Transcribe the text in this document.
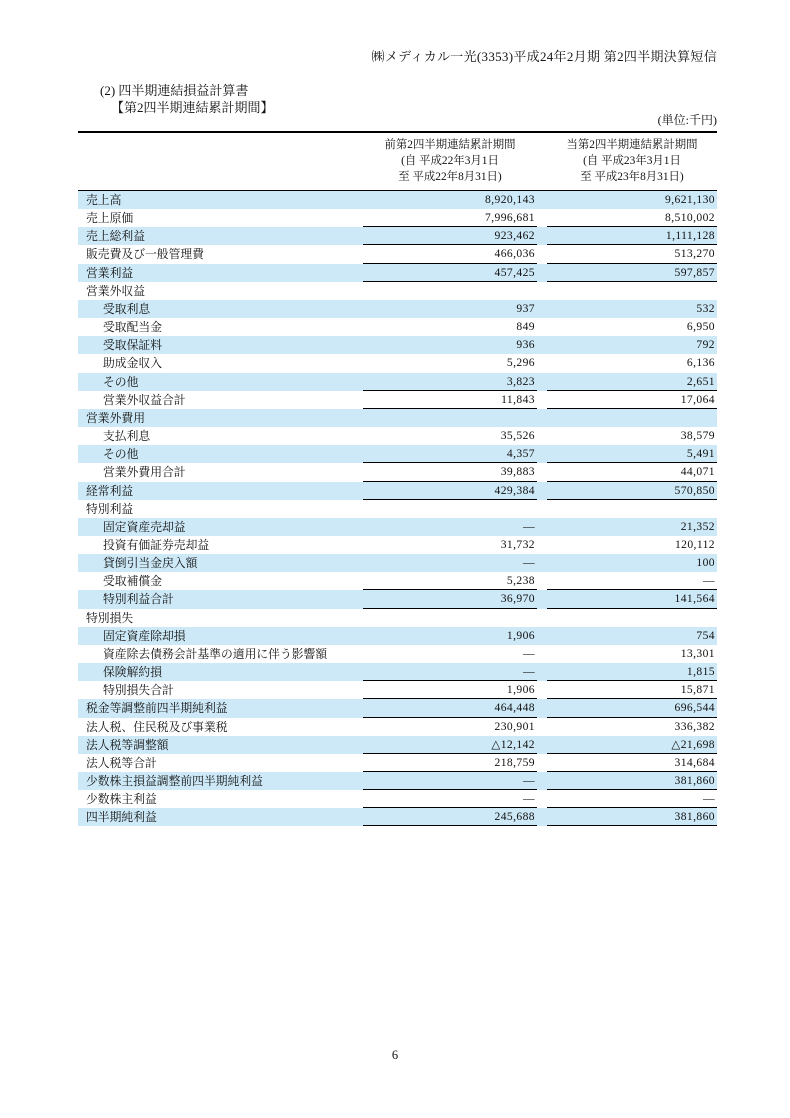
㈱メディカル一光(3353)平成24年2月期 第2四半期決算短信
(2) 四半期連結損益計算書
【第2四半期連結累計期間】
(単位:千円)
前第2四半期連結累計期間
(自 平成22年3月1日
至 平成22年8月31日)
当第2四半期連結累計期間
(自 平成23年3月1日
至 平成23年8月31日)
売上高	8,920,143	9,621,130
売上原価	7,996,681	8,510,002
売上総利益	923,462	1,111,128
販売費及び一般管理費	466,036	513,270
営業利益	457,425	597,857
営業外収益
受取利息	937	532
受取配当金	849	6,950
受取保証料	936	792
助成金収入	5,296	6,136
その他	3,823	2,651
営業外収益合計	11,843	17,064
営業外費用
支払利息	35,526	38,579
その他	4,357	5,491
営業外費用合計	39,883	44,071
経常利益	429,384	570,850
特別利益
固定資産売却益	—	21,352
投資有価証券売却益	31,732	120,112
貸倒引当金戻入額	—	100
受取補償金	5,238	—
特別利益合計	36,970	141,564
特別損失
固定資産除却損	1,906	754
資産除去債務会計基準の適用に伴う影響額	—	13,301
保険解約損	—	1,815
特別損失合計	1,906	15,871
税金等調整前四半期純利益	464,448	696,544
法人税、住民税及び事業税	230,901	336,382
法人税等調整額	△12,142	△21,698
法人税等合計	218,759	314,684
少数株主損益調整前四半期純利益	—	381,860
少数株主利益	—	—
四半期純利益	245,688	381,860
6
